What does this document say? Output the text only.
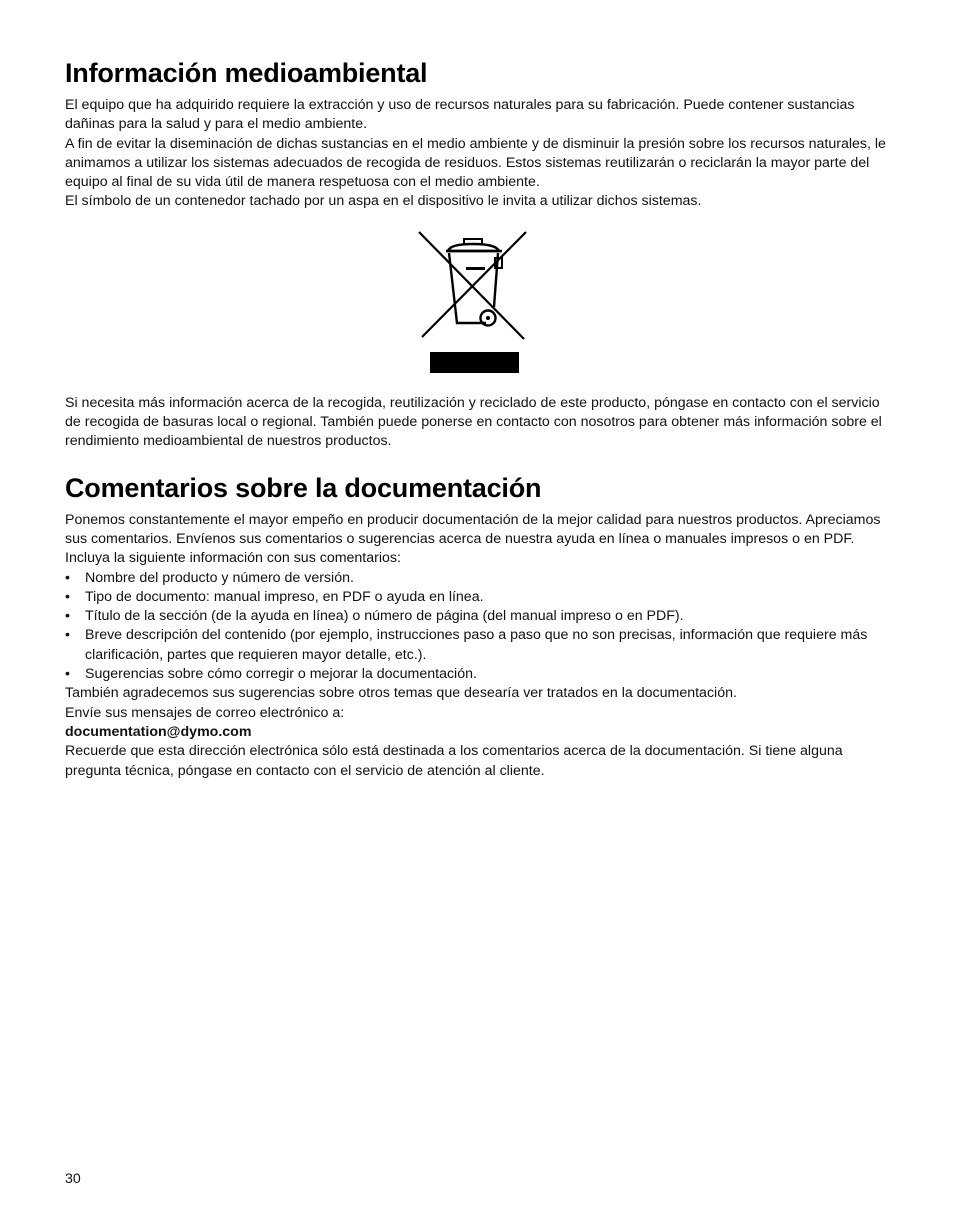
Información medioambiental

El equipo que ha adquirido requiere la extracción y uso de recursos naturales para su fabricación. Puede contener sustancias dañinas para la salud y para el medio ambiente.

A fin de evitar la diseminación de dichas sustancias en el medio ambiente y de disminuir la presión sobre los recursos naturales, le animamos a utilizar los sistemas adecuados de recogida de residuos. Estos sistemas reutilizarán o reciclarán la mayor parte del equipo al final de su vida útil de manera respetuosa con el medio ambiente.

El símbolo de un contenedor tachado por un aspa en el dispositivo le invita a utilizar dichos sistemas.

Si necesita más información acerca de la recogida, reutilización y reciclado de este producto, póngase en contacto con el servicio de recogida de basuras local o regional. También puede ponerse en contacto con nosotros para obtener más información sobre el rendimiento medioambiental de nuestros productos.

Comentarios sobre la documentación

Ponemos constantemente el mayor empeño en producir documentación de la mejor calidad para nuestros productos. Apreciamos sus comentarios. Envíenos sus comentarios o sugerencias acerca de nuestra ayuda en línea o manuales impresos o en PDF.

Incluya la siguiente información con sus comentarios:

• Nombre del producto y número de versión.
• Tipo de documento: manual impreso, en PDF o ayuda en línea.
• Título de la sección (de la ayuda en línea) o número de página (del manual impreso o en PDF).
• Breve descripción del contenido (por ejemplo, instrucciones paso a paso que no son precisas, información que requiere más clarificación, partes que requieren mayor detalle, etc.).
• Sugerencias sobre cómo corregir o mejorar la documentación.

También agradecemos sus sugerencias sobre otros temas que desearía ver tratados en la documentación.

Envíe sus mensajes de correo electrónico a:

documentation@dymo.com

Recuerde que esta dirección electrónica sólo está destinada a los comentarios acerca de la documentación. Si tiene alguna pregunta técnica, póngase en contacto con el servicio de atención al cliente.

30
